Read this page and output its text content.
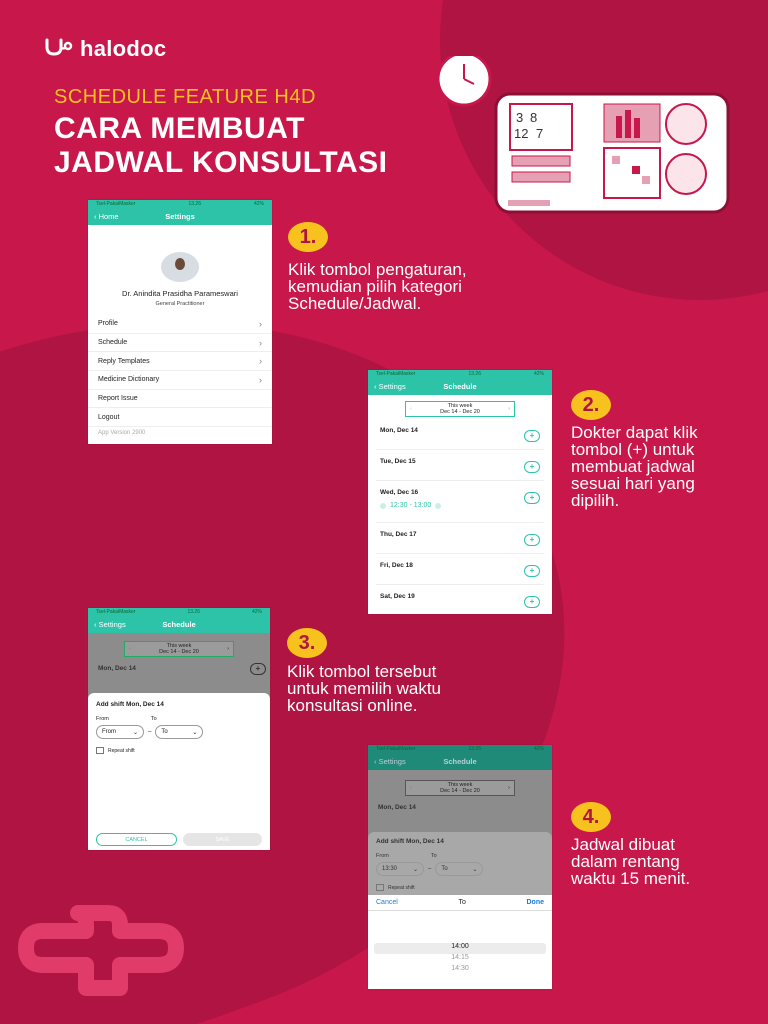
halodoc
SCHEDULE FEATURE H4D
CARA MEMBUAT
JADWAL KONSULTASI
3 8
12 7
Tsel-PakaiMasker	13.26	42%
‹ Home	Settings
Dr. Anindita Prasidha Parameswari
General Practitioner
Profile	›
Schedule	›
Reply Templates	›
Medicine Dictionary	›
Report Issue
Logout
App Version 2900
Tsel-PakaiMasker	13.26	42%
‹ Settings	Schedule
‹	This week
Dec 14 - Dec 20	›
Mon, Dec 14
+
Tue, Dec 15
+
Wed, Dec 16
+
12:30 - 13:00
Thu, Dec 17
+
Fri, Dec 18
+
Sat, Dec 19
+
Tsel-PakaiMasker	13.26	42%
‹ Settings	Schedule
‹	This week
Dec 14 - Dec 20	›
Mon, Dec 14	+
Add shift Mon, Dec 14
From	To
From	⌄ – To	⌄
Repeat shift
CANCEL	SAVE
Tsel-PakaiMasker	13.26	42%
‹ Settings	Schedule
‹	This week
Dec 14 - Dec 20	›
Mon, Dec 14
Add shift Mon, Dec 14
From	To
13:30	⌄ – To	⌄
Repeat shift
Cancel	To	Done
14:00
14:15
14:30
1.
Klik tombol pengaturan,
kemudian pilih kategori
Schedule/Jadwal.
2.
Dokter dapat klik
tombol (+) untuk
membuat jadwal
sesuai hari yang
dipilih.
3.
Klik tombol tersebut
untuk memilih waktu
konsultasi online.
4.
Jadwal dibuat
dalam rentang
waktu 15 menit.
